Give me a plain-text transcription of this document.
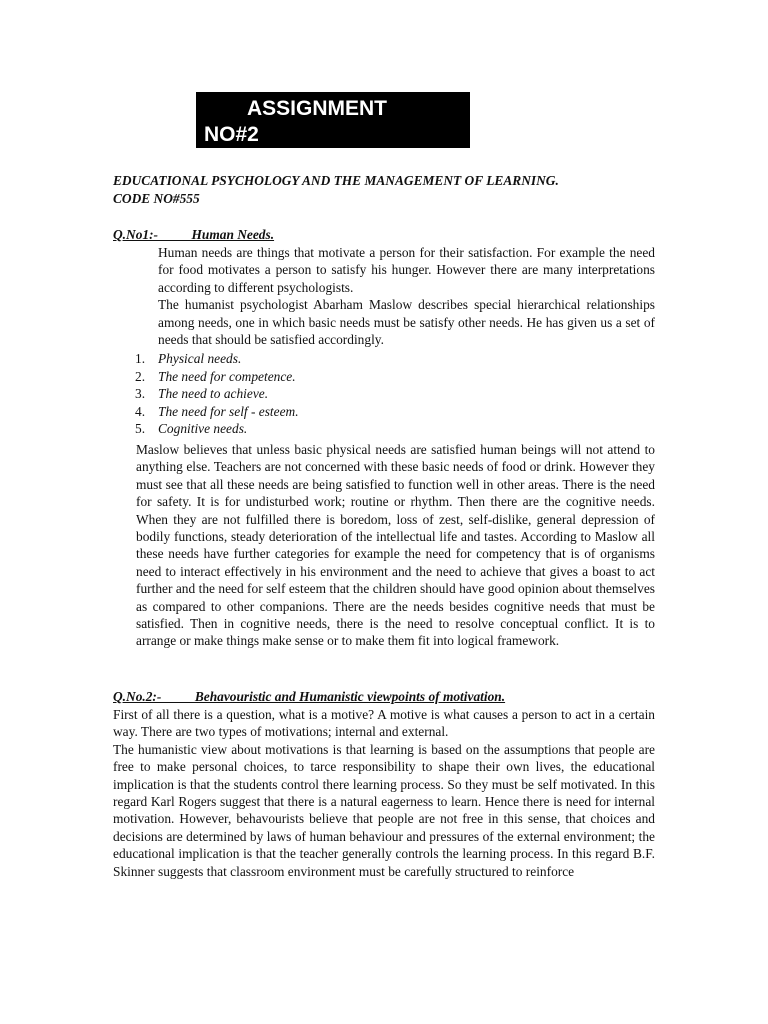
ASSIGNMENT
NO#2
EDUCATIONAL PSYCHOLOGY AND THE MANAGEMENT OF LEARNING.
CODE NO#555
Q.No1:-          Human Needs.
Human needs are things that motivate a person for their satisfaction. For example the need for food motivates a person to satisfy his hunger. However there are many interpretations according to different psychologists.
The humanist psychologist Abarham Maslow describes special hierarchical relationships among needs, one in which basic needs must be satisfy other needs. He has given us a set of needs that should be satisfied accordingly.
1. Physical needs.
2. The need for competence.
3. The need to achieve.
4. The need for self - esteem.
5. Cognitive needs.
Maslow believes that unless basic physical needs are satisfied human beings will not attend to anything else. Teachers are not concerned with these basic needs of food or drink. However they must see that all these needs are being satisfied to function well in other areas. There is the need for safety. It is for undisturbed work; routine or rhythm. Then there are the cognitive needs. When they are not fulfilled there is boredom, loss of zest, self-dislike, general depression of bodily functions, steady deterioration of the intellectual life and tastes. According to Maslow all these needs have further categories for example the need for competency that is of organisms need to interact effectively in his environment and the need to achieve that gives a boast to act further and the need for self esteem that the children should have good opinion about themselves as compared to other companions. There are the needs besides cognitive needs that must be satisfied. Then in cognitive needs, there is the need to resolve conceptual conflict. It is to arrange or make things make sense or to make them fit into logical framework.
Q.No.2:-          Behavouristic and Humanistic viewpoints of motivation.
First of all there is a question, what is a motive? A motive is what causes a person to act in a certain way. There are two types of motivations; internal and external.
The humanistic view about motivations is that learning is based on the assumptions that people are free to make personal choices, to tarce responsibility to shape their own lives, the educational implication is that the students control there learning process. So they must be self motivated. In this regard Karl Rogers suggest that there is a natural eagerness to learn. Hence there is need for internal motivation. However, behavourists believe that people are not free in this sense, that choices and decisions are determined by laws of human behaviour and pressures of the external environment; the educational implication is that the teacher generally controls the learning process. In this regard B.F. Skinner suggests that classroom environment must be carefully structured to reinforce
